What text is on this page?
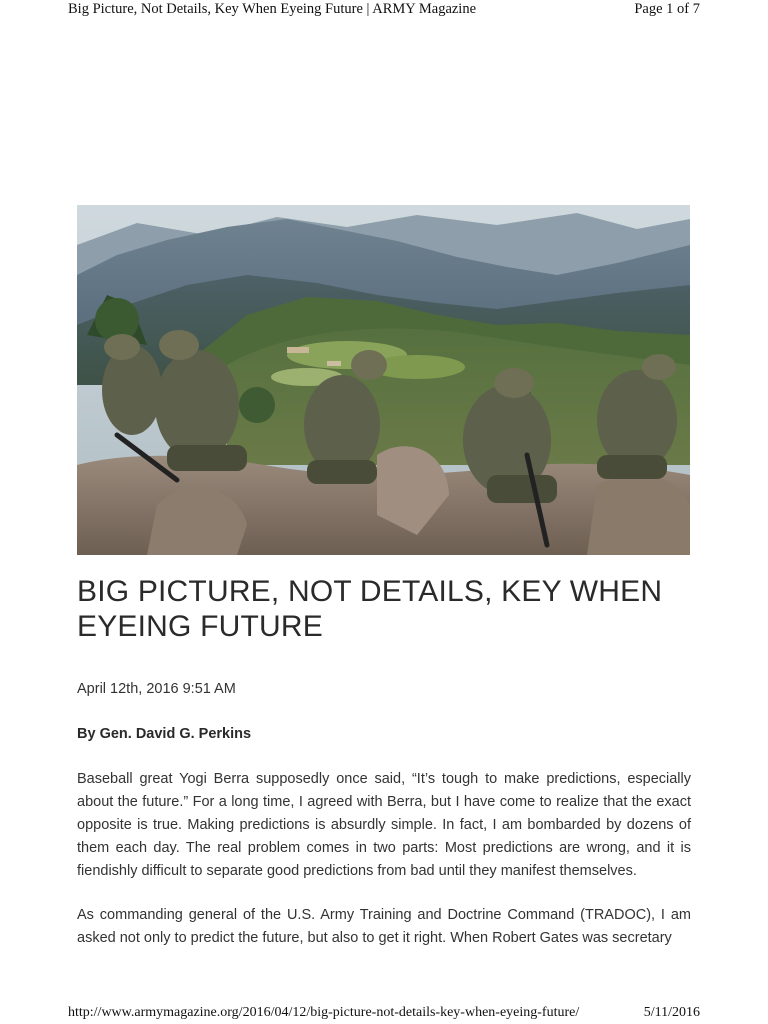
Big Picture, Not Details, Key When Eyeing Future | ARMY Magazine	Page 1 of 7
BIG PICTURE, NOT DETAILS, KEY WHEN EYEING FUTURE
April 12th, 2016 9:51 AM
By Gen. David G. Perkins

Baseball great Yogi Berra supposedly once said, “It’s tough to make predictions, especially about the future.” For a long time, I agreed with Berra, but I have come to realize that the exact opposite is true. Making predictions is absurdly simple. In fact, I am bombarded by dozens of them each day. The real problem comes in two parts: Most predictions are wrong, and it is fiendishly difficult to separate good predictions from bad until they manifest themselves.

As commanding general of the U.S. Army Training and Doctrine Command (TRADOC), I am asked not only to predict the future, but also to get it right. When Robert Gates was secretary

http://www.armymagazine.org/2016/04/12/big-picture-not-details-key-when-eyeing-future/	5/11/2016
